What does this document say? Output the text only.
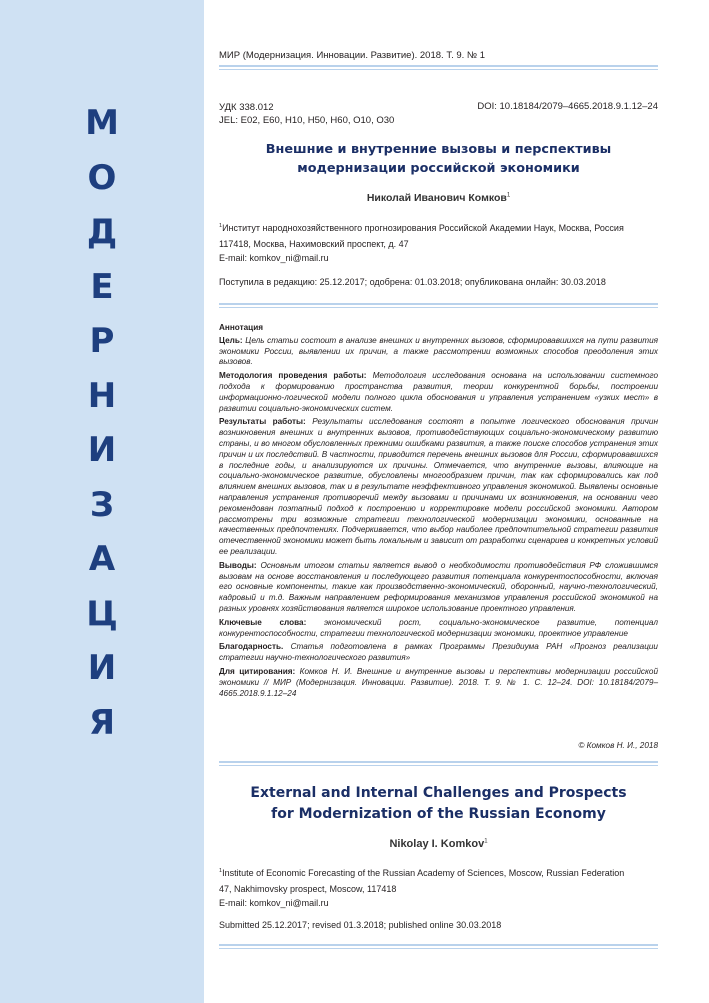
М
О
Д
Е
Р
Н
И
З
А
Ц
И
Я
МИР (Модернизация. Инновации. Развитие). 2018. Т. 9. № 1
УДК 338.012
JEL: E02, E60, H10, H50, H60, O10, O30
DOI: 10.18184/2079–4665.2018.9.1.12–24
Внешние и внутренние вызовы и перспективы
модернизации российской экономики
Николай Иванович Комков$^1$
$^1$Институт народнохозяйственного прогнозирования Российской Академии Наук, Москва, Россия
117418, Москва, Нахимовский проспект, д. 47
E-mail: komkov_ni@mail.ru
Поступила в редакцию: 25.12.2017; одобрена: 01.03.2018; опубликована онлайн: 30.03.2018
Аннотация
Цель: Цель статьи состоит в анализе внешних и внутренних вызовов, сформировавшихся на пути развития экономики России, выявлении их причин, а также рассмотрении возможных способов преодоления этих вызовов.
Методология проведения работы: Методология исследования основана на использовании системного подхода к формированию пространства развития, теории конкурентной борьбы, построении информационно-логической модели полного цикла обоснования и управления устранением «узких мест» в развитии социально-экономических систем.
Результаты работы: Результаты исследования состоят в попытке логического обоснования причин возникновения внешних и внутренних вызовов, противодействующих социально-экономическому развитию страны, и во многом обусловленных прежними ошибками развития, а также поиске способов устранения этих причин и их последствий. В частности, приводится перечень внешних вызовов для России, сформировавшихся в последние годы, и анализируются их причины. Отмечается, что внутренние вызовы, влияющие на социально-экономическое развитие, обусловлены многообразием причин, так как сформировались как под влиянием внешних вызовов, так и в результате неэффективного управления экономикой. Выявлены основные направления устранения противоречий между вызовами и причинами их возникновения, на основании чего рекомендован поэтапный подход к построению и корректировке модели российской экономики. Автором рассмотрены три возможные стратегии технологической модернизации экономики, основанные на качественных предпочтениях. Подчеркивается, что выбор наиболее предпочтительной стратегии развития отечественной экономики может быть локальным и зависит от разработки сценариев и конкретных условий ее реализации.
Выводы: Основным итогом статьи является вывод о необходимости противодействия РФ сложившимся вызовам на основе восстановления и последующего развития потенциала конкурентоспособности, включая его основные компоненты, такие как производственно-экономический, оборонный, научно-технологический, кадровый и т.д. Важным направлением реформирования механизмов управления российской экономикой на разных уровнях хозяйствования является широкое использование проектного управления.
Ключевые слова: экономический рост, социально-экономическое развитие, потенциал конкурентоспособности, стратегии технологической модернизации экономики, проектное управление
Благодарность. Статья подготовлена в рамках Программы Президиума РАН «Прогноз реализации стратегии научно-технологического развития»
Для цитирования: Комков Н. И. Внешние и внутренние вызовы и перспективы модернизации российской экономики // МИР (Модернизация. Инновации. Развитие). 2018. Т. 9. № 1. С. 12–24. DOI: 10.18184/2079–4665.2018.9.1.12–24
© Комков Н. И., 2018
External and Internal Challenges and Prospects
for Modernization of the Russian Economy
Nikolay I. Komkov$^1$
$^1$Institute of Economic Forecasting of the Russian Academy of Sciences, Moscow, Russian Federation
47, Nakhimovsky prospect, Moscow, 117418
E-mail: komkov_ni@mail.ru
Submitted 25.12.2017; revised 01.3.2018; published online 30.03.2018
